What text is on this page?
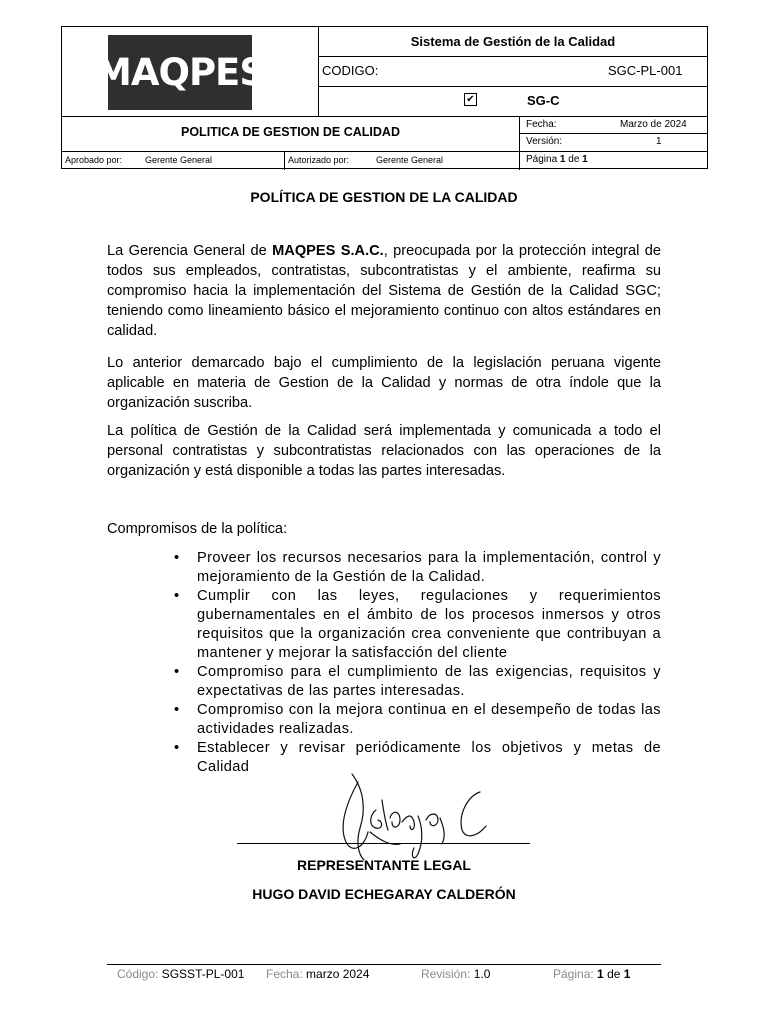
MAQPES
Sistema de Gestión de la Calidad
CODIGO:	SGC-PL-001
✔	SG-C
POLITICA DE GESTION DE CALIDAD
Fecha:	Marzo de 2024
Versión:	1
Aprobado por:	Gerente General	Autorizado por:	Gerente General	Página 1 de 1
POLÍTICA DE GESTION DE LA CALIDAD
La Gerencia General de MAQPES S.A.C., preocupada por la protección integral de todos sus empleados, contratistas, subcontratistas y el ambiente, reafirma su compromiso hacia la implementación del Sistema de Gestión de la Calidad SGC; teniendo como lineamiento básico el mejoramiento continuo con altos estándares en calidad.
Lo anterior demarcado bajo el cumplimiento de la legislación peruana vigente aplicable en materia de Gestion de la Calidad y normas de otra índole que la organización suscriba.
La política de Gestión de la Calidad será implementada y comunicada a todo el personal contratistas y subcontratistas relacionados con las operaciones de la organización y está disponible a todas las partes interesadas.
Compromisos de la política:
• Proveer los recursos necesarios para la implementación, control y mejoramiento de la Gestión de la Calidad.
• Cumplir con las leyes, regulaciones y requerimientos gubernamentales en el ámbito de los procesos inmersos y otros requisitos que la organización crea conveniente que contribuyan a mantener y mejorar la satisfacción del cliente
• Compromiso para el cumplimiento de las exigencias, requisitos y expectativas de las partes interesadas.
• Compromiso con la mejora continua en el desempeño de todas las actividades realizadas.
• Establecer y revisar periódicamente los objetivos y metas de Calidad
REPRESENTANTE LEGAL
HUGO DAVID ECHEGARAY CALDERÓN
Código: SGSST-PL-001 Fecha: marzo 2024	Revisión: 1.0	Página: 1 de 1
